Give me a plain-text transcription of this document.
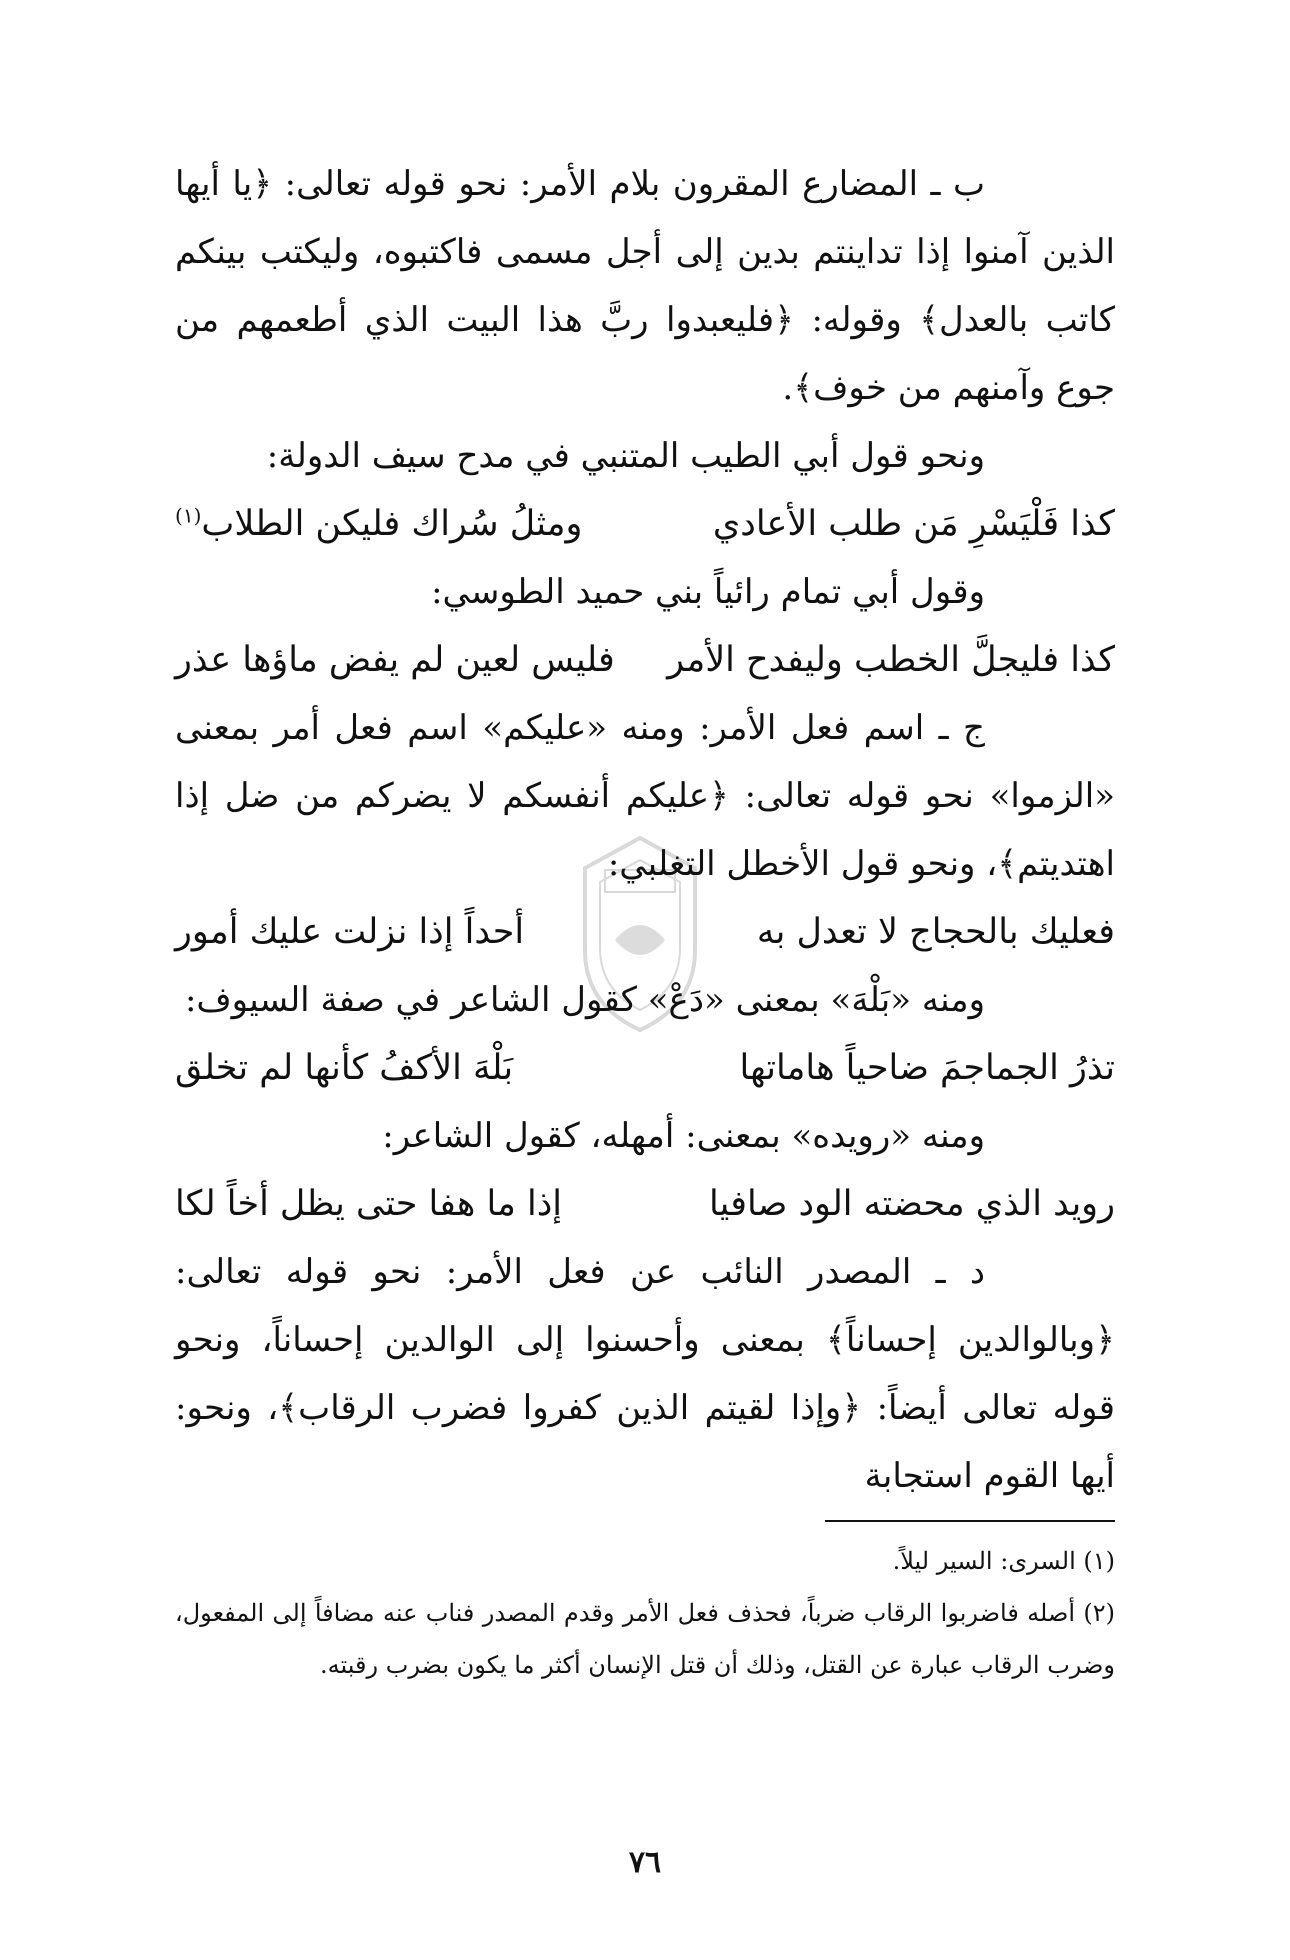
ب ـ المضارع المقرون بلام الأمر: نحو قوله تعالى: ﴿يا أيها الذين آمنوا إذا تداينتم بدين إلى أجل مسمى فاكتبوه، وليكتب بينكم كاتب بالعدل﴾ وقوله: ﴿فليعبدوا ربَّ هذا البيت الذي أطعمهم من جوع وآمنهم من خوف﴾.

ونحو قول أبي الطيب المتنبي في مدح سيف الدولة:

كذا فَلْيَسْرِ مَن طلب الأعادي
ومثلُ سُراك فليكن الطلاب$^{(١)}$

وقول أبي تمام رائياً بني حميد الطوسي:

كذا فليجلَّ الخطب وليفدح الأمر
فليس لعين لم يفض ماؤها عذر

ج ـ اسم فعل الأمر: ومنه «عليكم» اسم فعل أمر بمعنى «الزموا» نحو قوله تعالى: ﴿عليكم أنفسكم لا يضركم من ضل إذا اهتديتم﴾، ونحو قول الأخطل التغلبي:

فعليك بالحجاج لا تعدل به
أحداً إذا نزلت عليك أمور

ومنه «بَلْهَ» بمعنى «دَعْ» كقول الشاعر في صفة السيوف:

تذرُ الجماجمَ ضاحياً هاماتها
بَلْهَ الأكفُ كأنها لم تخلق

ومنه «رويده» بمعنى: أمهله، كقول الشاعر:

رويد الذي محضته الود صافيا
إذا ما هفا حتى يظل أخاً لكا

د ـ المصدر النائب عن فعل الأمر: نحو قوله تعالى: ﴿وبالوالدين إحساناً﴾ بمعنى وأحسنوا إلى الوالدين إحساناً، ونحو قوله تعالى أيضاً: ﴿وإذا لقيتم الذين كفروا فضرب الرقاب﴾، ونحو: أيها القوم استجابة

(١) السرى: السير ليلاً.

(٢) أصله فاضربوا الرقاب ضرباً، فحذف فعل الأمر وقدم المصدر فناب عنه مضافاً إلى المفعول، وضرب الرقاب عبارة عن القتل، وذلك أن قتل الإنسان أكثر ما يكون بضرب رقبته.

٧٦
